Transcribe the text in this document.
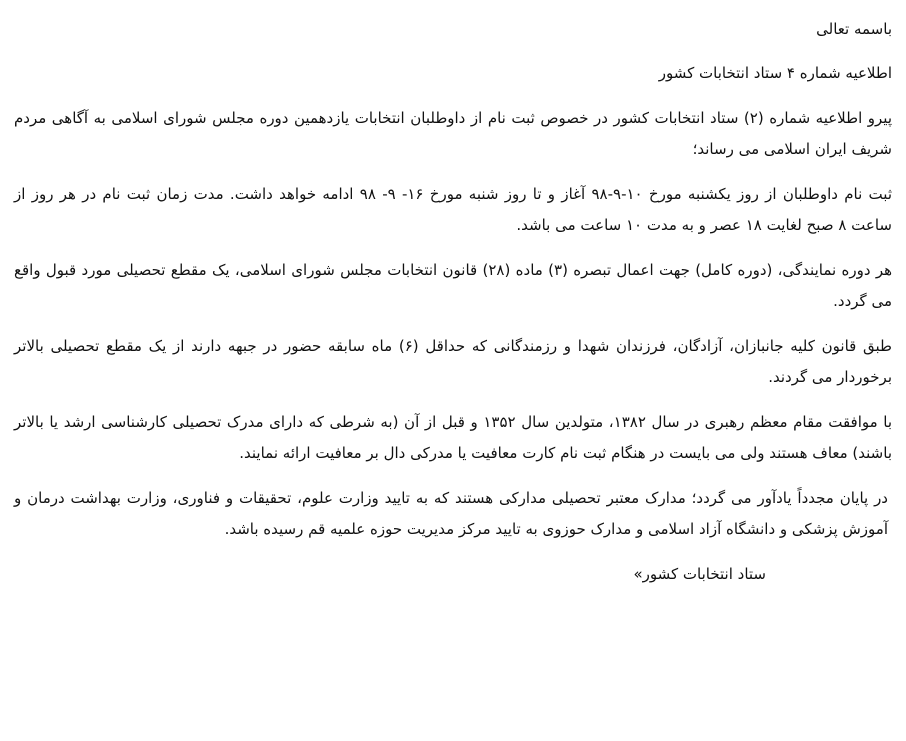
باسمه تعالی

اطلاعیه شماره ۴ ستاد انتخابات کشور

پیرو اطلاعیه شماره (۲) ستاد انتخابات کشور در خصوص ثبت نام از داوطلبان انتخابات یازدهمین دوره مجلس شورای اسلامی به آگاهی مردم شریف ایران اسلامی می رساند؛

ثبت نام داوطلبان از روز یکشنبه مورخ ۱۰-۹-۹۸ آغاز و تا روز شنبه مورخ ۱۶- ۹- ۹۸ ادامه خواهد داشت. مدت زمان ثبت نام در هر روز از ساعت ۸ صبح لغایت ۱۸ عصر و به مدت ۱۰ ساعت می باشد.

هر دوره نمایندگی، (دوره کامل) جهت اعمال تبصره (۳) ماده (۲۸) قانون انتخابات مجلس شورای اسلامی، یک مقطع تحصیلی مورد قبول واقع می گردد.

طبق قانون کلیه جانبازان، آزادگان، فرزندان شهدا و رزمندگانی که حداقل (۶) ماه سابقه حضور در جبهه دارند از یک مقطع تحصیلی بالاتر برخوردار می گردند.

با موافقت مقام معظم رهبری در سال ۱۳۸۲، متولدین سال ۱۳۵۲ و قبل از آن (به شرطی که دارای مدرک تحصیلی کارشناسی ارشد یا بالاتر باشند) معاف هستند ولی می بایست در هنگام ثبت نام کارت معافیت یا مدرکی دال بر معافیت ارائه نمایند.

در پایان مجدداً یادآور می گردد؛ مدارک معتبر تحصیلی مدارکی هستند که به تایید وزارت علوم، تحقیقات و فناوری، وزارت بهداشت درمان و آموزش پزشکی و دانشگاه آزاد اسلامی و مدارک حوزوی به تایید مرکز مدیریت حوزه علمیه قم رسیده باشد.

ستاد انتخابات کشور»
